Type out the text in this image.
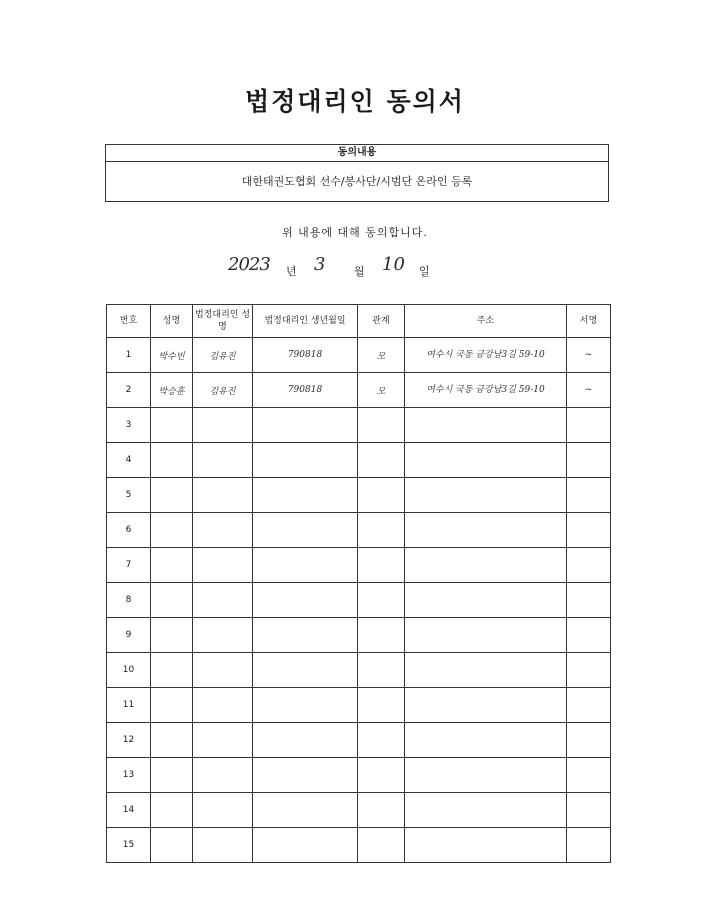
법정대리인 동의서
동의내용
대한태권도협회 선수/봉사단/시범단 온라인 등록
위 내용에 대해 동의합니다.
2023 년 3	월 10 일
번호	성명	법정대리인 성명	법정대리인 생년월일	관계	주소	서명
1	박수빈	김유진	790818	모	여수시 국동 금강남3길 59-10	~
2	박승훈	김유진	790818	모	여수시 국동 금강남3길 59-10	~
3						
4						
5						
6						
7						
8						
9						
10						
11						
12						
13						
14						
15						
